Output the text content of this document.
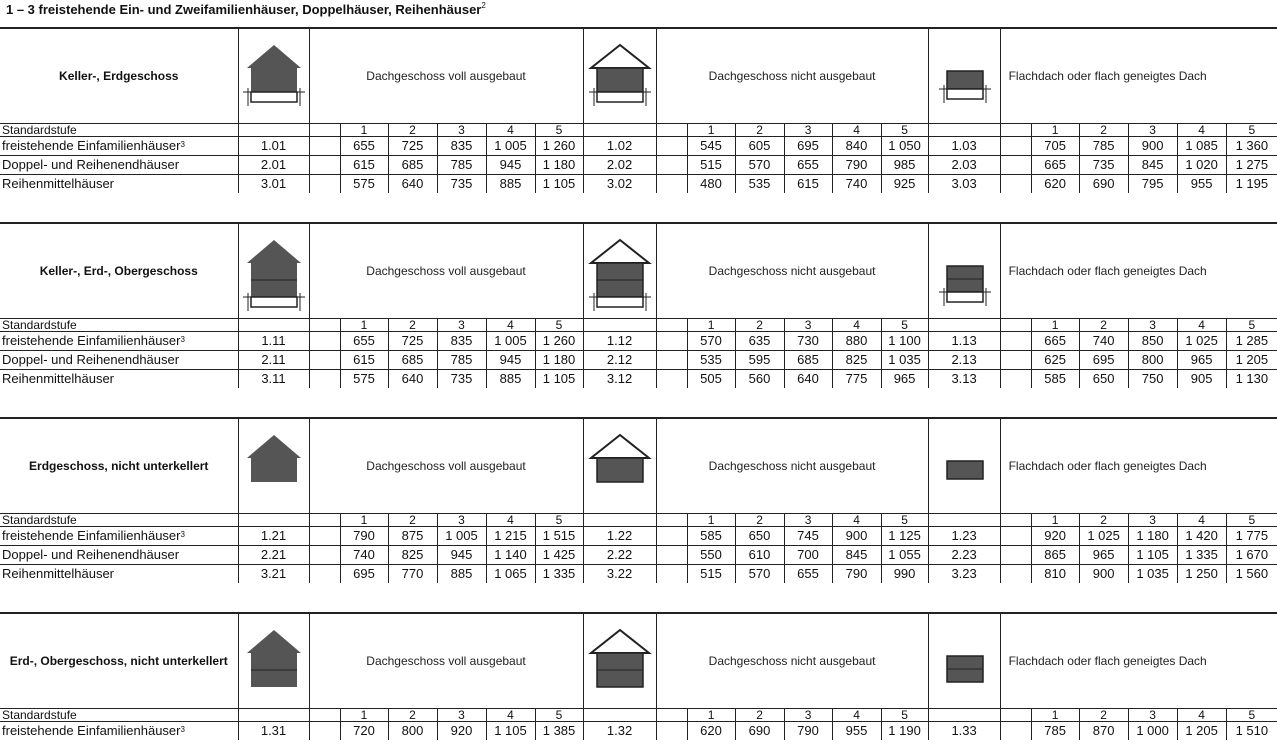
1 – 3 freistehende Ein- und Zweifamilienhäuser, Doppelhäuser, Reihenhäuser$^2$
Keller-, Erdgeschoss		Dachgeschoss voll ausgebaut							Dachgeschoss nicht ausgebaut							Flachdach oder flach geneigtes Dach					
Standardstufe			1	2	3	4	5			1	2	3	4	5			1	2	3	4	5
freistehende Einfamilienhäuser$^3$	1.01		655	725	835	1 005	1 260	1.02		545	605	695	840	1 050	1.03		705	785	900	1 085	1 360
Doppel- und Reihenendhäuser	2.01		615	685	785	945	1 180	2.02		515	570	655	790	985	2.03		665	735	845	1 020	1 275
Reihenmittelhäuser	3.01		575	640	735	885	1 105	3.02		480	535	615	740	925	3.03		620	690	795	955	1 195
Keller-, Erd-, Obergeschoss		Dachgeschoss voll ausgebaut							Dachgeschoss nicht ausgebaut							Flachdach oder flach geneigtes Dach					
Standardstufe			1	2	3	4	5			1	2	3	4	5			1	2	3	4	5
freistehende Einfamilienhäuser$^3$	1.11		655	725	835	1 005	1 260	1.12		570	635	730	880	1 100	1.13		665	740	850	1 025	1 285
Doppel- und Reihenendhäuser	2.11		615	685	785	945	1 180	2.12		535	595	685	825	1 035	2.13		625	695	800	965	1 205
Reihenmittelhäuser	3.11		575	640	735	885	1 105	3.12		505	560	640	775	965	3.13		585	650	750	905	1 130
Erdgeschoss, nicht unterkellert		Dachgeschoss voll ausgebaut							Dachgeschoss nicht ausgebaut							Flachdach oder flach geneigtes Dach					
Standardstufe			1	2	3	4	5			1	2	3	4	5			1	2	3	4	5
freistehende Einfamilienhäuser$^3$	1.21		790	875	1 005	1 215	1 515	1.22		585	650	745	900	1 125	1.23		920	1 025	1 180	1 420	1 775
Doppel- und Reihenendhäuser	2.21		740	825	945	1 140	1 425	2.22		550	610	700	845	1 055	2.23		865	965	1 105	1 335	1 670
Reihenmittelhäuser	3.21		695	770	885	1 065	1 335	3.22		515	570	655	790	990	3.23		810	900	1 035	1 250	1 560
Erd-, Obergeschoss, nicht unterkellert		Dachgeschoss voll ausgebaut							Dachgeschoss nicht ausgebaut							Flachdach oder flach geneigtes Dach					
Standardstufe			1	2	3	4	5			1	2	3	4	5			1	2	3	4	5
freistehende Einfamilienhäuser$^3$	1.31		720	800	920	1 105	1 385	1.32		620	690	790	955	1 190	1.33		785	870	1 000	1 205	1 510
